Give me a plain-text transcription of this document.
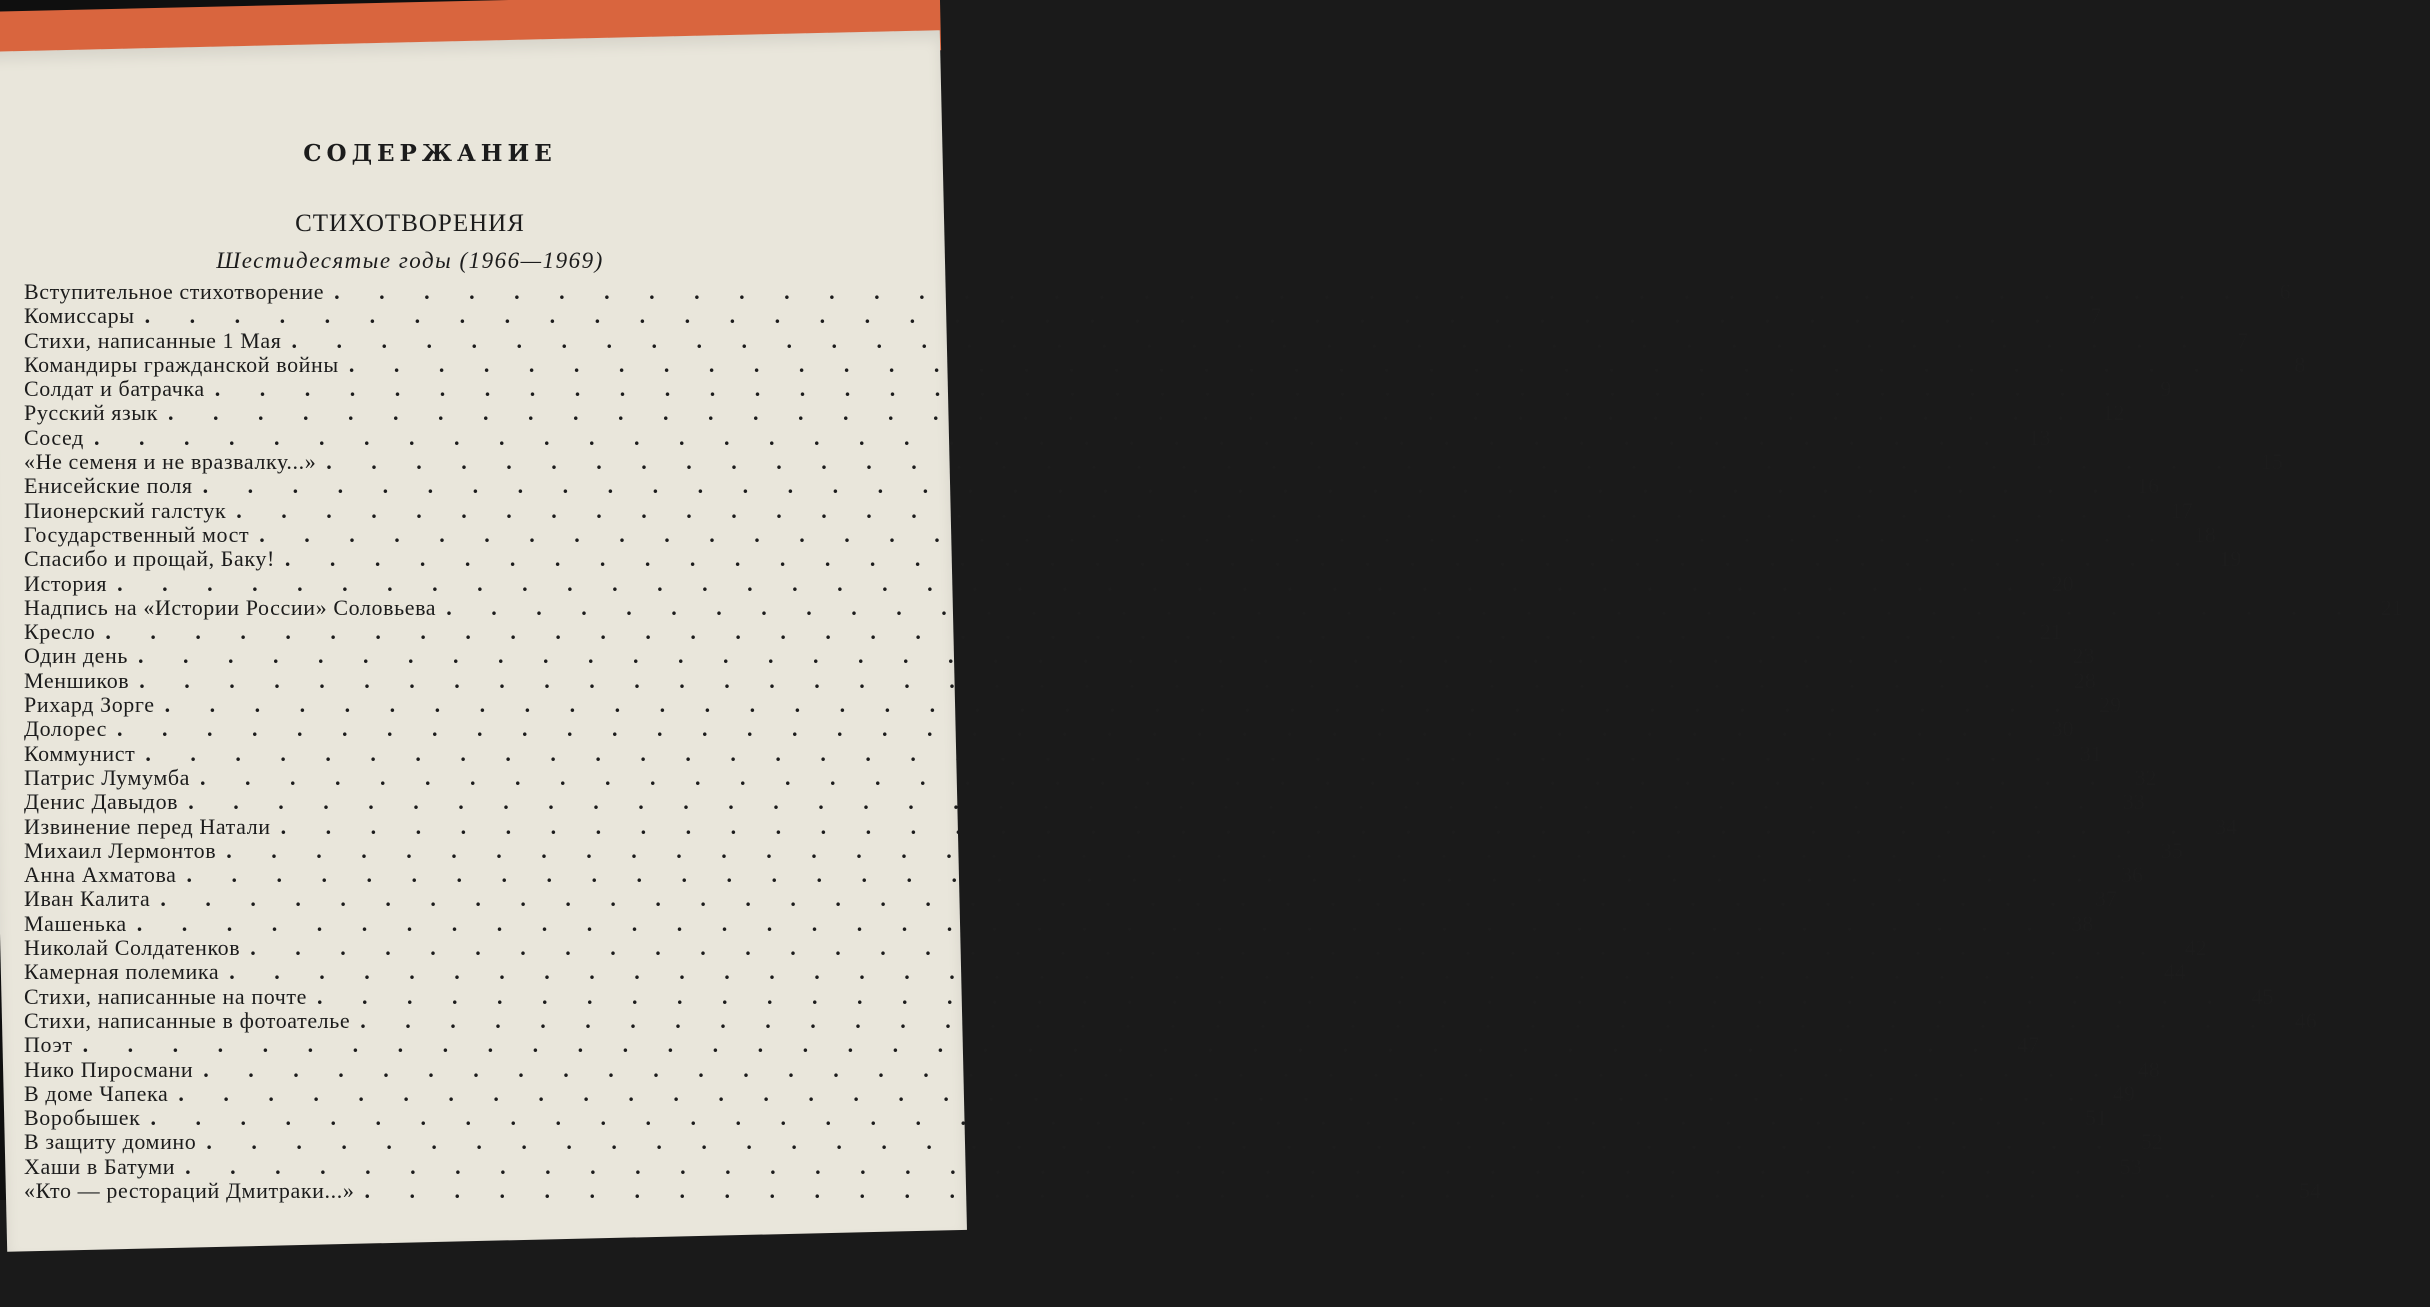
СОДЕРЖАНИЕ
СТИХОТВОРЕНИЯ
Шестидесятые годы (1966—1969)
Вступительное стихотворение . . . . . . . . . . . . . . . . . . . . . . . . . . . . . . . . . . . . . . . . . . .	6
Комиссары . . . . . . . . . . . . . . . . . . . . . . . . . . . . . . . . . . . . . . . . . . .	7
Стихи, написанные 1 Мая . . . . . . . . . . . . . . . . . . . . . . . . . . . . . . . . . . . . . . . . . . .	7
Командиры гражданской войны . . . . . . . . . . . . . . . . . . . . . . . . . . . . . . . . . . . . . . . . . . .	8
Солдат и батрачка . . . . . . . . . . . . . . . . . . . . . . . . . . . . . . . . . . . . . . . . . . .	9
Русский язык . . . . . . . . . . . . . . . . . . . . . . . . . . . . . . . . . . . . . . . . . . .	12
Сосед . . . . . . . . . . . . . . . . . . . . . . . . . . . . . . . . . . . . . . . . . . .	13
«Не семеня и не вразвалку...» . . . . . . . . . . . . . . . . . . . . . . . . . . . . . . . . . . . . . . . . . . .	15
Енисейские поля . . . . . . . . . . . . . . . . . . . . . . . . . . . . . . . . . . . . . . . . . . .	16
Пионерский галстук . . . . . . . . . . . . . . . . . . . . . . . . . . . . . . . . . . . . . . . . . . .	17
Государственный мост . . . . . . . . . . . . . . . . . . . . . . . . . . . . . . . . . . . . . . . . . . .	18
Спасибо и прощай, Баку! . . . . . . . . . . . . . . . . . . . . . . . . . . . . . . . . . . . . . . . . . . .	19
История . . . . . . . . . . . . . . . . . . . . . . . . . . . . . . . . . . . . . . . . . . .	20
Надпись на «Истории России» Соловьева . . . . . . . . . . . . . . . . . . . . . . . . . . . . . . . . . . . . . . . . . . .	21
Кресло . . . . . . . . . . . . . . . . . . . . . . . . . . . . . . . . . . . . . . . . . . .	21
Один день . . . . . . . . . . . . . . . . . . . . . . . . . . . . . . . . . . . . . . . . . . .	23
Меншиков . . . . . . . . . . . . . . . . . . . . . . . . . . . . . . . . . . . . . . . . . . .	28
Рихард Зорге . . . . . . . . . . . . . . . . . . . . . . . . . . . . . . . . . . . . . . . . . . .	29
Долорес . . . . . . . . . . . . . . . . . . . . . . . . . . . . . . . . . . . . . . . . . . .	30
Коммунист . . . . . . . . . . . . . . . . . . . . . . . . . . . . . . . . . . . . . . . . . . .	31
Патрис Лумумба . . . . . . . . . . . . . . . . . . . . . . . . . . . . . . . . . . . . . . . . . . .	32
Денис Давыдов . . . . . . . . . . . . . . . . . . . . . . . . . . . . . . . . . . . . . . . . . . .	33
Извинение перед Натали . . . . . . . . . . . . . . . . . . . . . . . . . . . . . . . . . . . . . . . . . . .	34
Михаил Лермонтов . . . . . . . . . . . . . . . . . . . . . . . . . . . . . . . . . . . . . . . . . . .	35
Анна Ахматова . . . . . . . . . . . . . . . . . . . . . . . . . . . . . . . . . . . . . . . . . . .	36
Иван Калита . . . . . . . . . . . . . . . . . . . . . . . . . . . . . . . . . . . . . . . . . . .	37
Машенька . . . . . . . . . . . . . . . . . . . . . . . . . . . . . . . . . . . . . . . . . . .	38
Николай Солдатенков . . . . . . . . . . . . . . . . . . . . . . . . . . . . . . . . . . . . . . . . . . .	42
Камерная полемика . . . . . . . . . . . . . . . . . . . . . . . . . . . . . . . . . . . . . . . . . . .	44
Стихи, написанные на почте . . . . . . . . . . . . . . . . . . . . . . . . . . . . . . . . . . . . . . . . . . .	45
Стихи, написанные в фотоателье . . . . . . . . . . . . . . . . . . . . . . . . . . . . . . . . . . . . . . . . . . .	46
Поэт . . . . . . . . . . . . . . . . . . . . . . . . . . . . . . . . . . . . . . . . . . .	47
Нико Пиросмани . . . . . . . . . . . . . . . . . . . . . . . . . . . . . . . . . . . . . . . . . . .	48
В доме Чапека . . . . . . . . . . . . . . . . . . . . . . . . . . . . . . . . . . . . . . . . . . .	49
Воробышек . . . . . . . . . . . . . . . . . . . . . . . . . . . . . . . . . . . . . . . . . . .	51
В защиту домино . . . . . . . . . . . . . . . . . . . . . . . . . . . . . . . . . . . . . . . . . . .	52
Хаши в Батуми . . . . . . . . . . . . . . . . . . . . . . . . . . . . . . . . . . . . . . . . . . .	53
«Кто — рестораций Дмитраки...» . . . . . . . . . . . . . . . . . . . . . . . . . . . . . . . . . . . . . . . . . . .	54
